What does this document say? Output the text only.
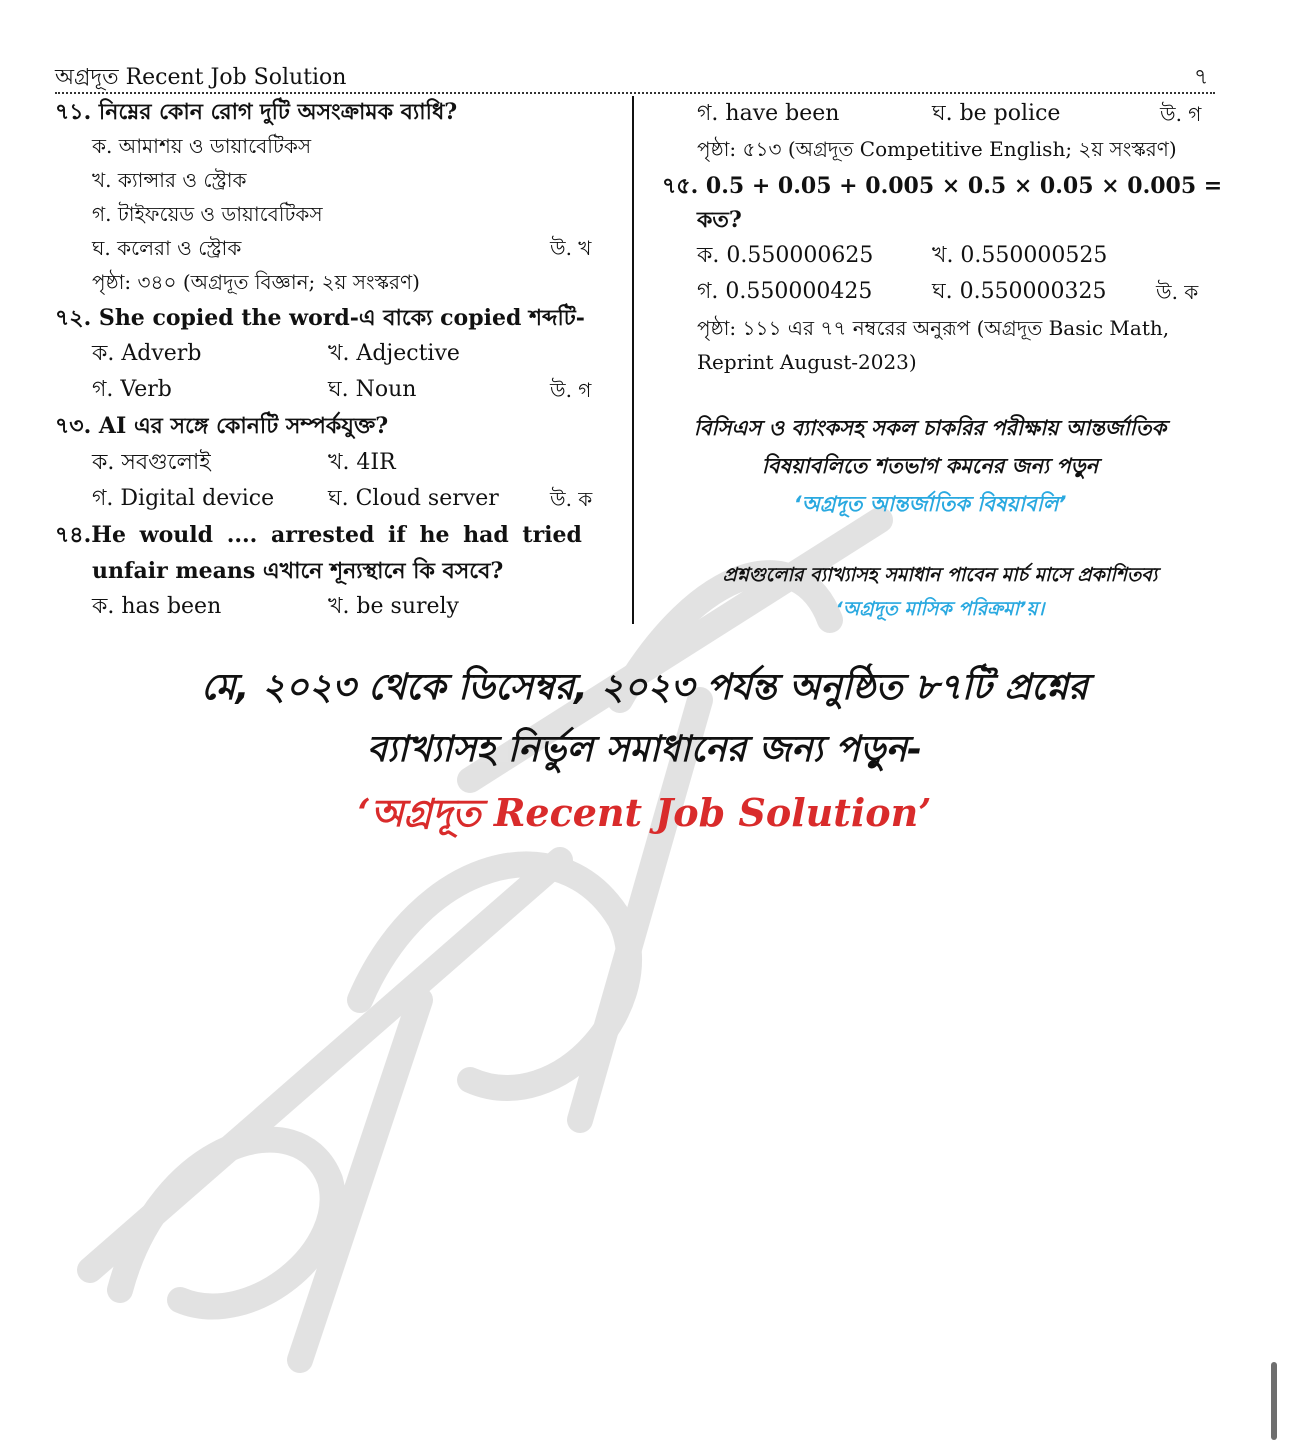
অগ্রদূত Recent Job Solution	৭
৭১. নিম্নের কোন রোগ দুটি অসংক্রামক ব্যাধি?
ক. আমাশয় ও ডায়াবেটিকস
খ. ক্যান্সার ও স্ট্রোক
গ. টাইফয়েড ও ডায়াবেটিকস
ঘ. কলেরা ও স্ট্রোক	উ. খ
পৃষ্ঠা: ৩৪০ (অগ্রদূত বিজ্ঞান; ২য় সংস্করণ)
৭২. She copied the word-এ বাক্যে copied শব্দটি-
ক. Adverb	খ. Adjective
গ. Verb	ঘ. Noun	উ. গ
৭৩. AI এর সঙ্গে কোনটি সম্পর্কযুক্ত?
ক. সবগুলোই	খ. 4IR
গ. Digital device ঘ. Cloud server	উ. ক
৭৪.He would .... arrested if he had tried
unfair means এখানে শূন্যস্থানে কি বসবে?
ক. has been	খ. be surely
গ. have been	ঘ. be police	উ. গ
পৃষ্ঠা: ৫১৩ (অগ্রদূত Competitive English; ২য় সংস্করণ)
৭৫. 0.5 + 0.05 + 0.005 × 0.5 × 0.05 × 0.005 =
কত?
ক. 0.550000625	খ. 0.550000525
গ. 0.550000425	ঘ. 0.550000325 উ. ক
পৃষ্ঠা: ১১১ এর ৭৭ নম্বরের অনুরূপ (অগ্রদূত Basic Math,
Reprint August-2023)
বিসিএস ও ব্যাংকসহ সকল চাকরির পরীক্ষায় আন্তর্জাতিক
বিষয়াবলিতে শতভাগ কমনের জন্য পড়ুন
‘অগ্রদূত আন্তর্জাতিক বিষয়াবলি’
প্রশ্নগুলোর ব্যাখ্যাসহ সমাধান পাবেন মার্চ মাসে প্রকাশিতব্য
‘অগ্রদূত মাসিক পরিক্রমা’য়।
মে, ২০২৩ থেকে ডিসেম্বর, ২০২৩ পর্যন্ত অনুষ্ঠিত ৮৭টি প্রশ্নের
ব্যাখ্যাসহ নির্ভুল সমাধানের জন্য পড়ুন-
‘অগ্রদূত Recent Job Solution’
